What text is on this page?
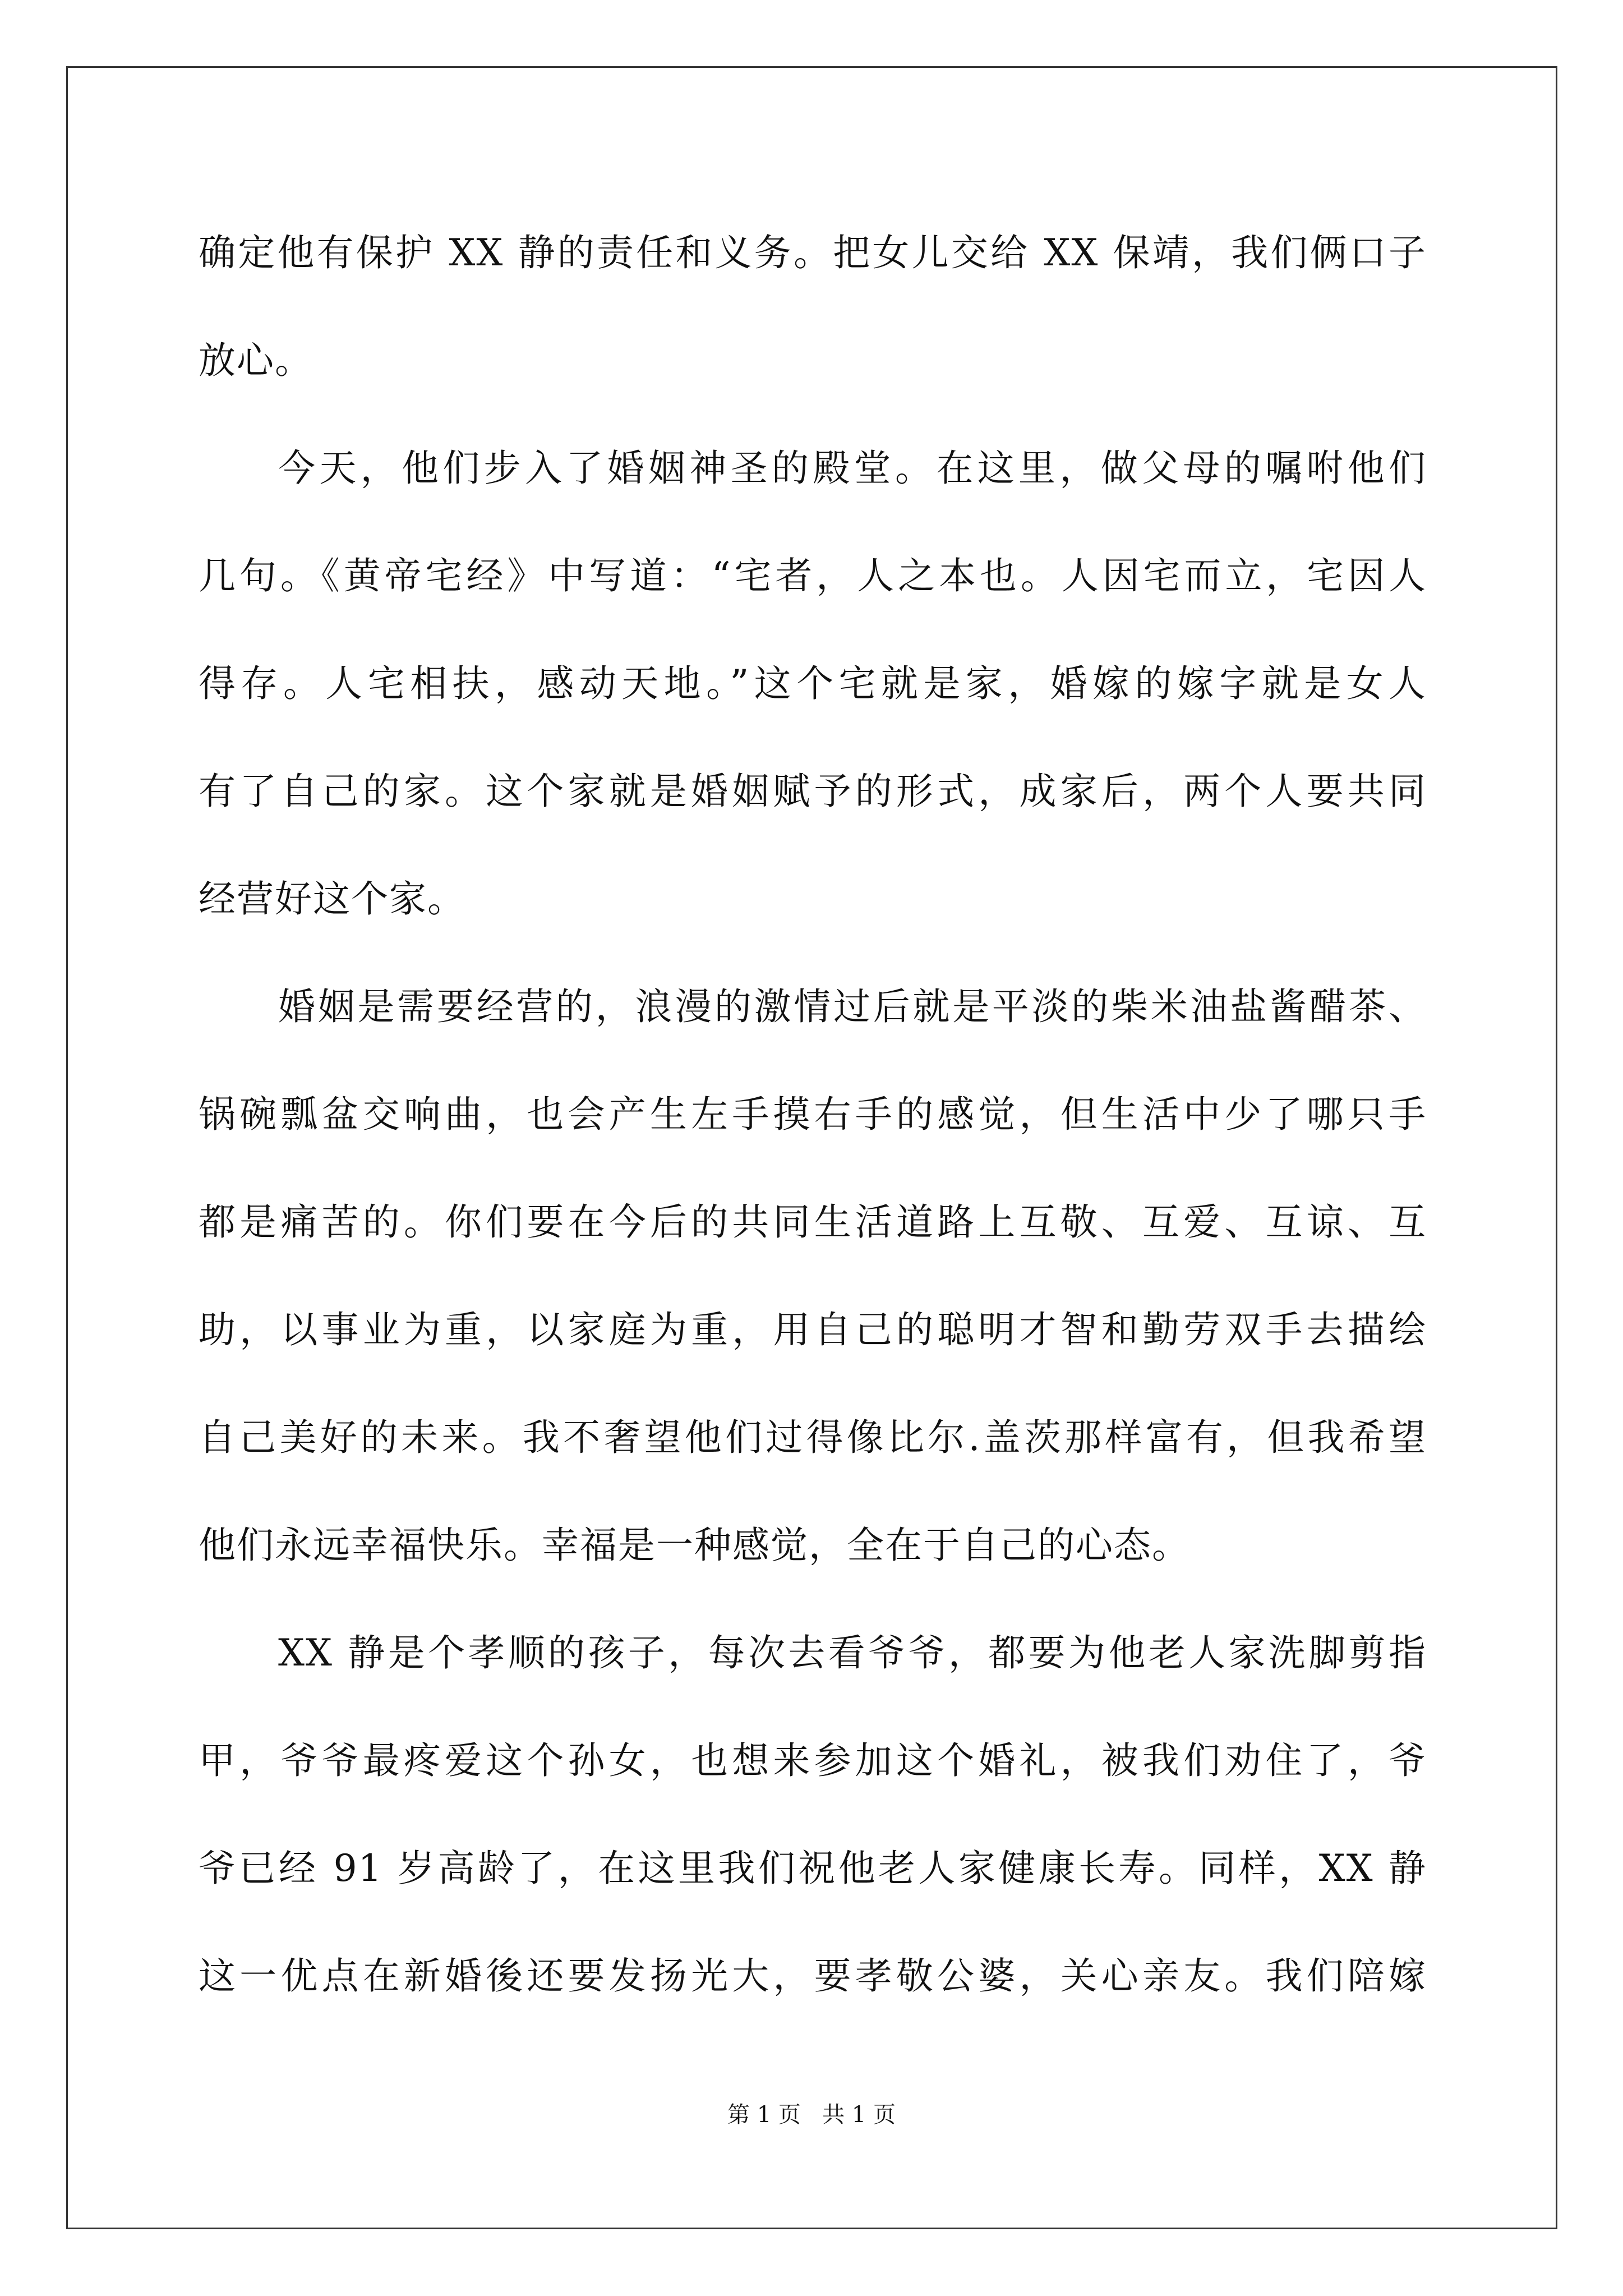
确定他有保护 XX 静的责任和义务。把女儿交给 XX 保靖，我们俩口子
放心。
今天，他们步入了婚姻神圣的殿堂。在这里，做父母的嘱咐他们
几句。《黄帝宅经》中写道：“宅者，人之本也。人因宅而立，宅因人
得存。人宅相扶，感动天地。”这个宅就是家，婚嫁的嫁字就是女人
有了自己的家。这个家就是婚姻赋予的形式，成家后，两个人要共同
经营好这个家。
婚姻是需要经营的，浪漫的激情过后就是平淡的柴米油盐酱醋茶、
锅碗瓢盆交响曲，也会产生左手摸右手的感觉，但生活中少了哪只手
都是痛苦的。你们要在今后的共同生活道路上互敬、互爱、互谅、互
助，以事业为重，以家庭为重，用自己的聪明才智和勤劳双手去描绘
自己美好的未来。我不奢望他们过得像比尔.盖茨那样富有，但我希望
他们永远幸福快乐。幸福是一种感觉，全在于自己的心态。
XX 静是个孝顺的孩子，每次去看爷爷，都要为他老人家洗脚剪指
甲，爷爷最疼爱这个孙女，也想来参加这个婚礼，被我们劝住了，爷
爷已经 91 岁高龄了，在这里我们祝他老人家健康长寿。同样，XX 静
这一优点在新婚後还要发扬光大，要孝敬公婆，关心亲友。我们陪嫁
第 1 页   共 1 页
